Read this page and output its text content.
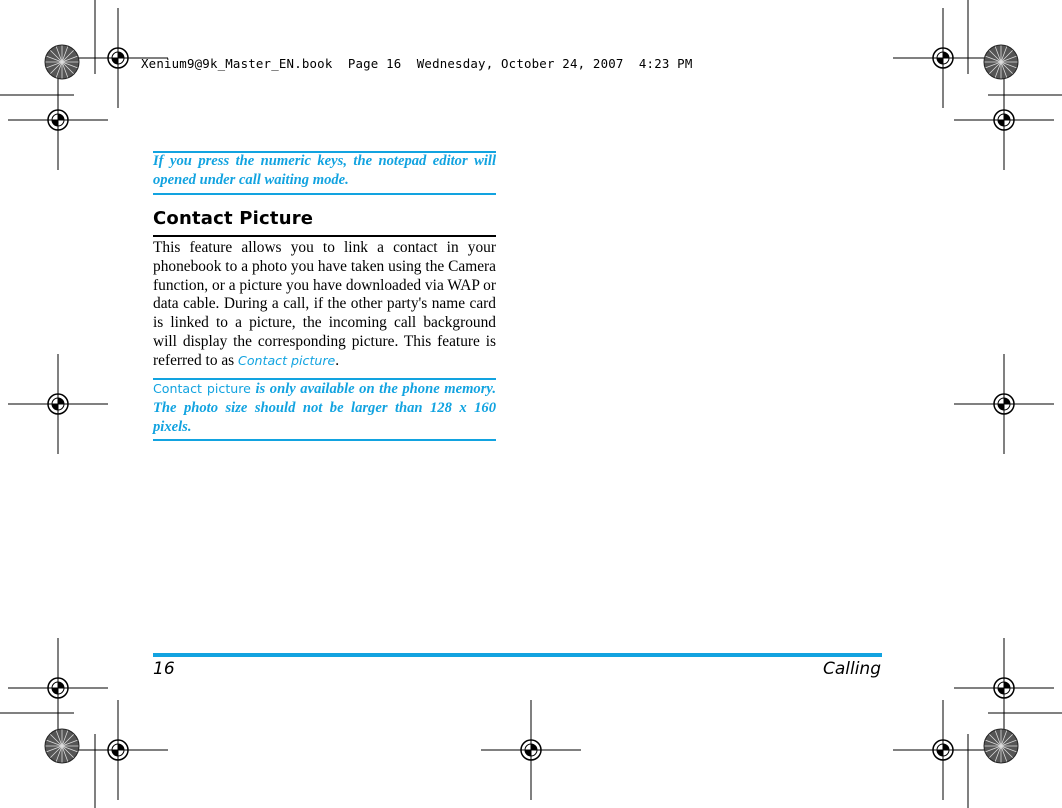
Xenium9@9k_Master_EN.book  Page 16  Wednesday, October 24, 2007  4:23 PM
If you press the numeric keys, the notepad editor will opened under call waiting mode.
Contact Picture
This feature allows you to link a contact in your phonebook to a photo you have taken using the Camera function, or a picture you have downloaded via WAP or data cable. During a call, if the other party's name card is linked to a picture, the incoming call background will display the corresponding picture. This feature is referred to as Contact picture.
Contact picture is only available on the phone memory. The photo size should not be larger than 128 x 160 pixels.
16	Calling
